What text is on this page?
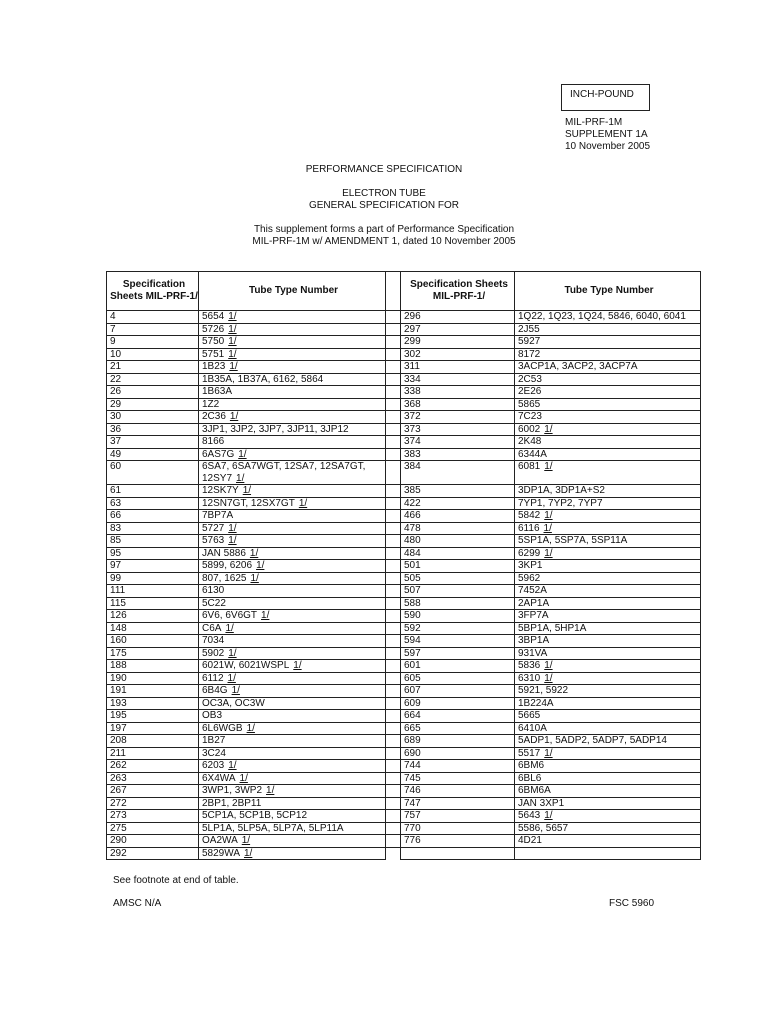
INCH-POUND
MIL-PRF-1M
SUPPLEMENT 1A
10 November 2005
PERFORMANCE SPECIFICATION
ELECTRON TUBE
GENERAL SPECIFICATION FOR
This supplement forms a part of Performance Specification
MIL-PRF-1M w/ AMENDMENT 1, dated 10 November 2005
Specification Sheets MIL-PRF-1/	Tube Type Number		Specification Sheets MIL-PRF-1/	Tube Type Number
4	5654 1/		296	1Q22, 1Q23, 1Q24, 5846, 6040, 6041
7	5726 1/		297	2J55
9	5750 1/		299	5927
10	5751 1/		302	8172
21	1B23 1/		311	3ACP1A, 3ACP2, 3ACP7A
22	1B35A, 1B37A, 6162, 5864		334	2C53
26	1B63A		338	2E26
29	1Z2		368	5865
30	2C36 1/		372	7C23
36	3JP1, 3JP2, 3JP7, 3JP11, 3JP12		373	6002 1/
37	8166		374	2K48
49	6AS7G 1/		383	6344A
60	6SA7, 6SA7WGT, 12SA7, 12SA7GT, 12SY7 1/		384	6081 1/
61	12SK7Y 1/		385	3DP1A, 3DP1A+S2
63	12SN7GT, 12SX7GT 1/		422	7YP1, 7YP2, 7YP7
66	7BP7A		466	5842 1/
83	5727 1/		478	6116 1/
85	5763 1/		480	5SP1A, 5SP7A, 5SP11A
95	JAN 5886 1/		484	6299 1/
97	5899, 6206 1/		501	3KP1
99	807, 1625 1/		505	5962
111	6130		507	7452A
115	5C22		588	2AP1A
126	6V6, 6V6GT 1/		590	3FP7A
148	C6A 1/		592	5BP1A, 5HP1A
160	7034		594	3BP1A
175	5902 1/		597	931VA
188	6021W, 6021WSPL 1/		601	5836 1/
190	6112 1/		605	6310 1/
191	6B4G 1/		607	5921, 5922
193	OC3A, OC3W		609	1B224A
195	OB3		664	5665
197	6L6WGB 1/		665	6410A
208	1B27		689	5ADP1, 5ADP2, 5ADP7, 5ADP14
211	3C24		690	5517 1/
262	6203 1/		744	6BM6
263	6X4WA 1/		745	6BL6
267	3WP1, 3WP2 1/		746	6BM6A
272	2BP1, 2BP11		747	JAN 3XP1
273	5CP1A, 5CP1B, 5CP12		757	5643 1/
275	5LP1A, 5LP5A, 5LP7A, 5LP11A		770	5586, 5657
290	OA2WA 1/		776	4D21
292	5829WA 1/			
See footnote at end of table.
AMSC N/A	FSC 5960
